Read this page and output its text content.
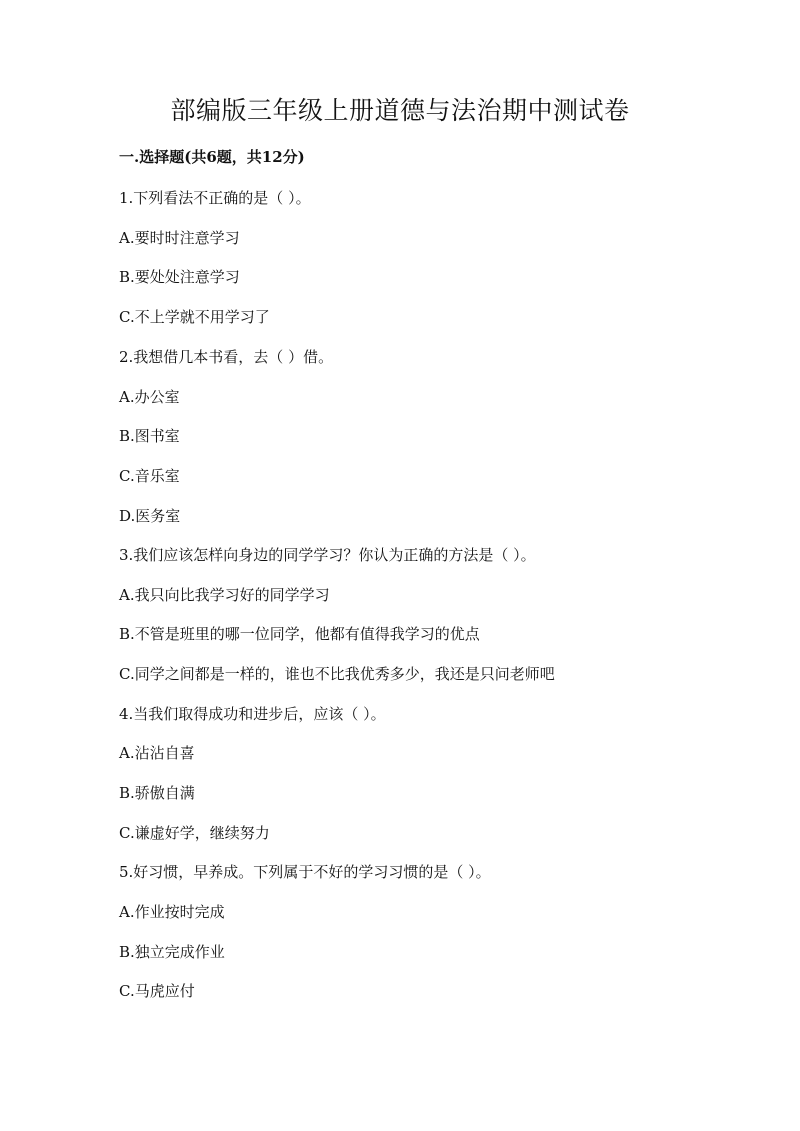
部编版三年级上册道德与法治期中测试卷
一.选择题(共6题，共12分)
1.下列看法不正确的是（ ）。
A.要时时注意学习
B.要处处注意学习
C.不上学就不用学习了
2.我想借几本书看，去（ ）借。
A.办公室
B.图书室
C.音乐室
D.医务室
3.我们应该怎样向身边的同学学习？你认为正确的方法是（ ）。
A.我只向比我学习好的同学学习
B.不管是班里的哪一位同学，他都有值得我学习的优点
C.同学之间都是一样的，谁也不比我优秀多少，我还是只问老师吧
4.当我们取得成功和进步后，应该（ ）。
A.沾沾自喜
B.骄傲自满
C.谦虚好学，继续努力
5.好习惯，早养成。下列属于不好的学习习惯的是（ ）。
A.作业按时完成
B.独立完成作业
C.马虎应付
